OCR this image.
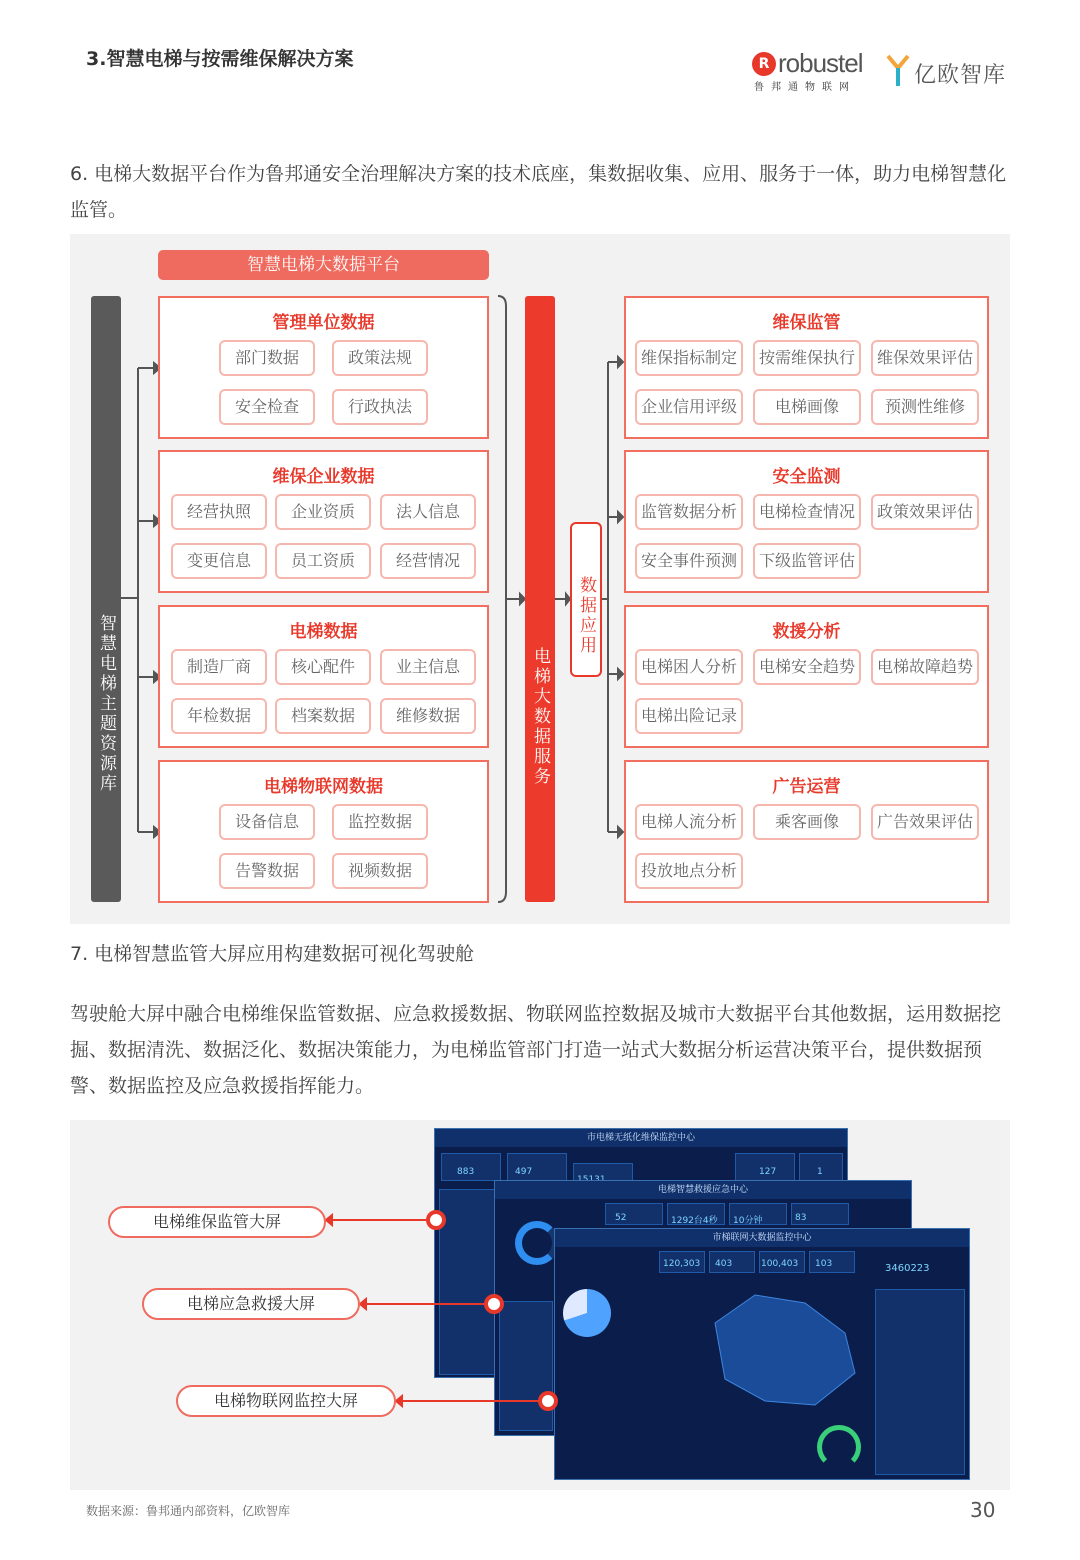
3.智慧电梯与按需维保解决方案	R robustel
鲁邦通物联网	亿欧智库

6. 电梯大数据平台作为鲁邦通安全治理解决方案的技术底座，集数据收集、应用、服务于一体，助力电梯智慧化监管。

智慧电梯大数据平台
智慧电梯主题资源库	电梯大数据服务
数据应用
管理单位数据
部门数据	政策法规
安全检查	行政执法
维保企业数据
经营执照	企业资质	法人信息
变更信息	员工资质	经营情况
电梯数据
制造厂商	核心配件	业主信息
年检数据	档案数据	维修数据
电梯物联网数据
设备信息	监控数据
告警数据	视频数据
维保监管
维保指标制定	按需维保执行	维保效果评估
企业信用评级	电梯画像	预测性维修
安全监测
监管数据分析	电梯检查情况	政策效果评估
安全事件预测	下级监管评估
救援分析
电梯困人分析	电梯安全趋势	电梯故障趋势
电梯出险记录
广告运营
电梯人流分析	乘客画像	广告效果评估
投放地点分析

7. 电梯智慧监管大屏应用构建数据可视化驾驶舱

驾驶舱大屏中融合电梯维保监管数据、应急救援数据、物联网监控数据及城市大数据平台其他数据，运用数据挖掘、数据清洗、数据泛化、数据决策能力，为电梯监管部门打造一站式大数据分析运营决策平台，提供数据预警、数据监控及应急救援指挥能力。

市电梯无纸化维保监控中心
883	497	127	1
电梯智慧救援应急中心
52	1292台4秒 10分钟	83
市梯联网大数据监控中心
120,303 403	100,403 103	3460223
电梯维保监管大屏
电梯应急救援大屏
电梯物联网监控大屏
数据来源：鲁邦通内部资料，亿欧智库	30
